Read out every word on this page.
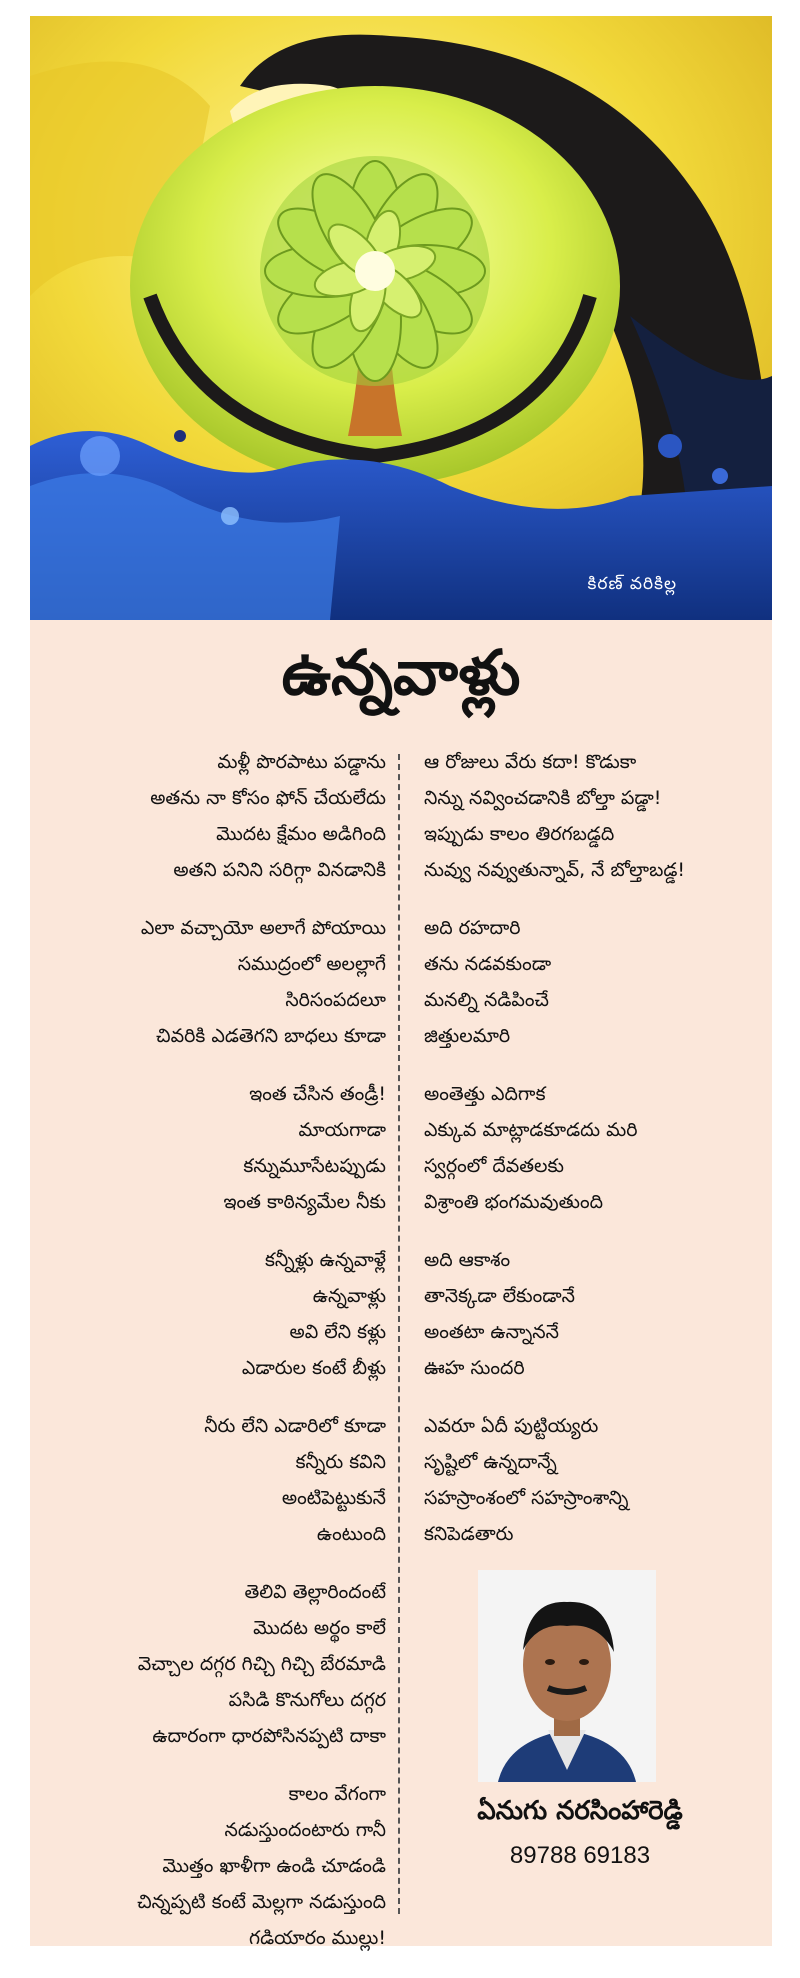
కిరణ్ వరికిల్ల
ఉన్నవాళ్లు
మళ్లీ పొరపాటు పడ్డాను
అతను నా కోసం ఫోన్ చేయలేదు
మొదట క్షేమం అడిగింది
అతని పనిని సరిగ్గా వినడానికి
ఎలా వచ్చాయో అలాగే పోయాయి
సముద్రంలో అలల్లాగే
సిరిసంపదలూ
చివరికి ఎడతెగని బాధలు కూడా
ఇంత చేసిన తండ్రీ!
మాయగాడా
కన్నుమూసేటప్పుడు
ఇంత కాఠిన్యమేల నీకు
కన్నీళ్లు ఉన్నవాళ్లే
ఉన్నవాళ్లు
అవి లేని కళ్లు
ఎడారుల కంటే బీళ్లు
నీరు లేని ఎడారిలో కూడా
కన్నీరు కవిని
అంటిపెట్టుకునే
ఉంటుంది
తెలివి తెల్లారిందంటే
మొదట అర్థం కాలే
వెచ్చాల దగ్గర గిచ్చి గిచ్చి బేరమాడి
పసిడి కొనుగోలు దగ్గర
ఉదారంగా ధారపోసినప్పటి దాకా
కాలం వేగంగా
నడుస్తుందంటారు గానీ
మొత్తం ఖాళీగా ఉండి చూడండి
చిన్నప్పటి కంటే మెల్లగా నడుస్తుంది
గడియారం ముల్లు!
ఆ రోజులు వేరు కదా! కొడుకా
నిన్ను నవ్వించడానికి బోల్తా పడ్డా!
ఇప్పుడు కాలం తిరగబడ్డది
నువ్వు నవ్వుతున్నావ్, నే బోల్తాబడ్డ!
అది రహదారి
తను నడవకుండా
మనల్ని నడిపించే
జిత్తులమారి
అంతెత్తు ఎదిగాక
ఎక్కువ మాట్లాడకూడదు మరి
స్వర్గంలో దేవతలకు
విశ్రాంతి భంగమవుతుంది
అది ఆకాశం
తానెక్కడా లేకుండానే
అంతటా ఉన్నాననే
ఊహ సుందరి
ఎవరూ ఏదీ పుట్టియ్యరు
సృష్టిలో ఉన్నదాన్నే
సహస్రాంశంలో సహస్రాంశాన్ని
కనిపెడతారు
ఏనుగు నరసింహారెడ్డి
89788 69183
